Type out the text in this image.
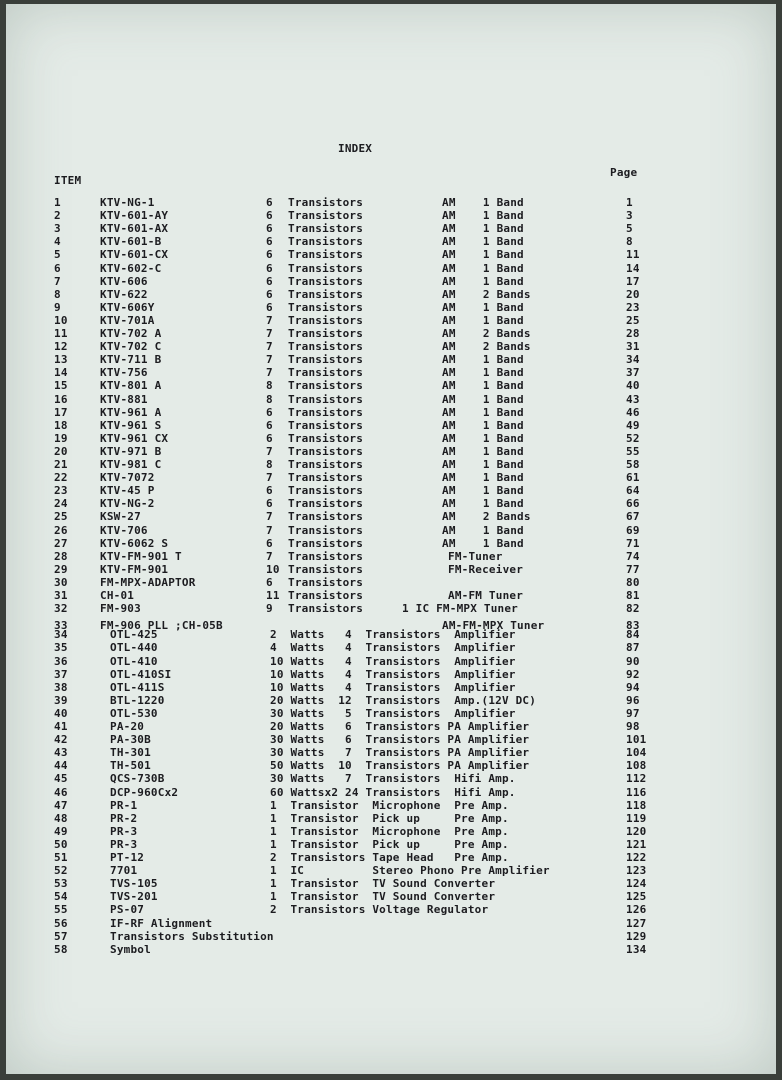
INDEX
ITEM
Page
1	KTV-NG-1	6 Transistors	AM    1 Band	1
2	KTV-601-AY	6 Transistors	AM    1 Band	3
3	KTV-601-AX	6 Transistors	AM    1 Band	5
4	KTV-601-B	6 Transistors	AM    1 Band	8
5	KTV-601-CX	6 Transistors	AM    1 Band	11
6	KTV-602-C	6 Transistors	AM    1 Band	14
7	KTV-606	6 Transistors	AM    1 Band	17
8	KTV-622	6 Transistors	AM    2 Bands	20
9	KTV-606Y	6 Transistors	AM    1 Band	23
10	KTV-701A	7 Transistors	AM    1 Band	25
11	KTV-702 A	7 Transistors	AM    2 Bands	28
12	KTV-702 C	7 Transistors	AM    2 Bands	31
13	KTV-711 B	7 Transistors	AM    1 Band	34
14	KTV-756	7 Transistors	AM    1 Band	37
15	KTV-801 A	8 Transistors	AM    1 Band	40
16	KTV-881	8 Transistors	AM    1 Band	43
17	KTV-961 A	6 Transistors	AM    1 Band	46
18	KTV-961 S	6 Transistors	AM    1 Band	49
19	KTV-961 CX	6 Transistors	AM    1 Band	52
20	KTV-971 B	7 Transistors	AM    1 Band	55
21	KTV-981 C	8 Transistors	AM    1 Band	58
22	KTV-7072	7 Transistors	AM    1 Band	61
23	KTV-45 P	6 Transistors	AM    1 Band	64
24	KTV-NG-2	6 Transistors	AM    1 Band	66
25	KSW-27	7 Transistors	AM    2 Bands	67
26	KTV-706	7 Transistors	AM    1 Band	69
27	KTV-6062 S	6 Transistors	AM    1 Band	71
28	KTV-FM-901 T	7 Transistors	FM-Tuner	74
29	KTV-FM-901	10 Transistors	FM-Receiver	77
30	FM-MPX-ADAPTOR	6 Transistors	80
31	CH-01	11 Transistors	AM-FM Tuner	81
32	FM-903	9 Transistors	1 IC FM-MPX Tuner	82
33	FM-906 PLL ;CH-05B	AM-FM-MPX Tuner	83
34	OTL-425	2  Watts   4  Transistors  Amplifier	84
35	OTL-440	4  Watts   4  Transistors  Amplifier	87
36	OTL-410	10 Watts   4  Transistors  Amplifier	90
37	OTL-410SI	10 Watts   4  Transistors  Amplifier	92
38	OTL-411S	10 Watts   4  Transistors  Amplifier	94
39	BTL-1220	20 Watts  12  Transistors  Amp.(12V DC)	96
40	OTL-530	30 Watts   5  Transistors  Amplifier	97
41	PA-20	20 Watts   6  Transistors PA Amplifier	98
42	PA-30B	30 Watts   6  Transistors PA Amplifier	101
43	TH-301	30 Watts   7  Transistors PA Amplifier	104
44	TH-501	50 Watts  10  Transistors PA Amplifier	108
45	QCS-730B	30 Watts   7  Transistors  Hifi Amp.	112
46	DCP-960Cx2	60 Wattsx2 24 Transistors  Hifi Amp.	116
47	PR-1	1  Transistor  Microphone  Pre Amp.	118
48	PR-2	1  Transistor  Pick up     Pre Amp.	119
49	PR-3	1  Transistor  Microphone  Pre Amp.	120
50	PR-3	1  Transistor  Pick up     Pre Amp.	121
51	PT-12	2  Transistors Tape Head   Pre Amp.	122
52	7701	1  IC          Stereo Phono Pre Amplifier	123
53	TVS-105	1  Transistor  TV Sound Converter	124
54	TVS-201	1  Transistor  TV Sound Converter	125
55	PS-07	2  Transistors Voltage Regulator	126
56	IF-RF Alignment	127
57	Transistors Substitution	129
58	Symbol	134
